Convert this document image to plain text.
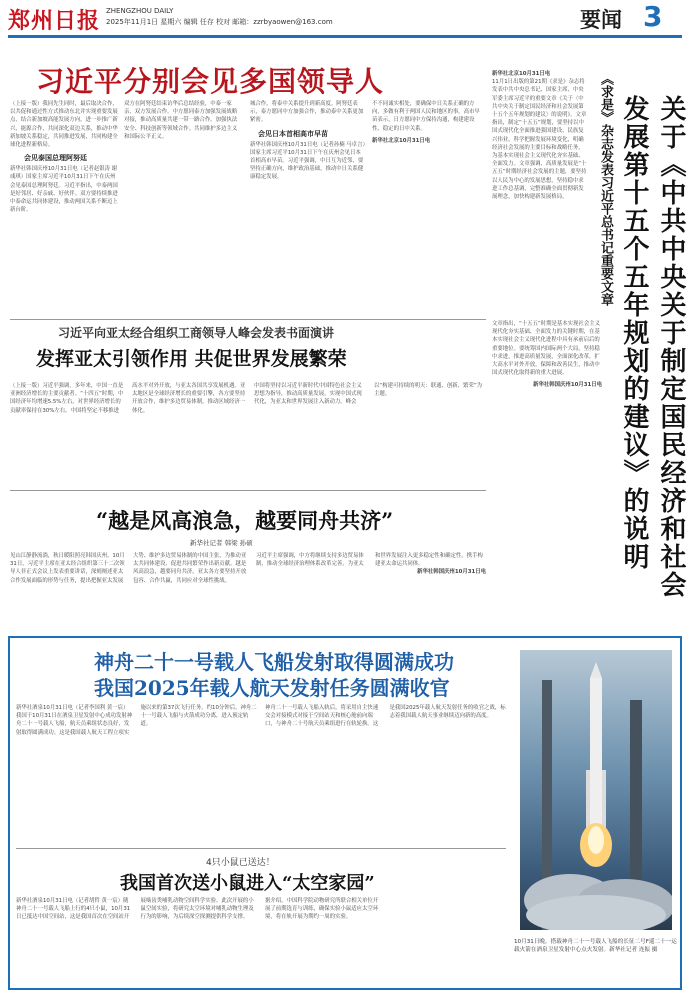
郑州日报 ZHENGZHOU DAILY
2025年11月1日 星期六 编辑 任存 校对 邮箱：zzrbyaowen@163.com	要闻 3
习近平分别会见多国领导人
（上接一版）我同先生同时，最后取决合作，以共促和通过性方式推动东北并实现重要发展点，结合新加坡高能发展方向，进一步推广新兴、能源合作，共同深化双边关系，推动中华新加坡关系稳定，共同推进发展，共同构建全球化进程新格局。
会见泰国总理阿努廷
新华社韩国庆州10月31日电（记者赵银涛 谢彧琪）国家主席习近平10月31日下午在庆州会见泰国总理阿努廷。习近平指出，中泰两国是好邻居、好亲戚、好伙伴。双方要持续推进中泰命运共同体建设，推动两国关系不断迈上新台阶。
双方在阿努廷结束访华后总结经验，中泰一家亲，双方发展合作。中方愿同泰方加强发展战略对接，推动高质量共建一带一路合作。加强执法安全、科技创新等领域合作。共同维护多边主义和国际公平正义。
城合作，将泰中关系提升到新高度。阿努廷表示，泰方愿同中方加强合作，推动泰中关系更加紧密。
会见日本首相高市早苗
新华社韩国庆州10月31日电（记者孙楠 马卓言）国家主席习近平10月31日下午在庆州会见日本首相高市早苗。习近平强调，中日互为近邻，要坚持正确方向，维护政治基础，推动中日关系健康稳定发展。
不不同诚实相处，要确保中日关系正确的方向，多做有利于两国人民和地区的事。高市早苗表示，日方愿同中方保持沟通，构建建设性、稳定的日中关系。
新华社北京10月31日电
新华社北京10月31日电
11月1日出版的第21期《求是》杂志将发表中共中央总书记、国家主席、中央军委主席习近平的重要文章《关于〈中共中央关于制定国民经济和社会发展第十五个五年规划的建议〉的说明》。文章指出，制定“十五五”规划，要坚持以中国式现代化全面推进强国建设、民族复兴伟业，科学把握发展环境变化，明确经济社会发展的主要目标和战略任务，为基本实现社会主义现代化夯实基础、全面发力。文章强调，高质量发展是“十五五”时期经济社会发展的主题，要坚持以人民为中心的发展思想，坚持稳中求进工作总基调，完整准确全面贯彻新发展理念，加快构建新发展格局。	《求是》杂志发表习近平总书记重要文章	关于《中共中央关于制定国民经济和社会发展第十五个五年规划的建议》的说明
文章指出，“十五五”时期是基本实现社会主义现代化夯实基础、全面发力的关键时期，在基本实现社会主义现代化进程中具有承前启后的重要地位。要统筹国内国际两个大局，坚持稳中求进，推进高质量发展，全面深化改革，扩大高水平对外开放，保障和改善民生，推动中国式现代化取得新的重大进展。
新华社韩国庆州10月31日电
习近平向亚太经合组织工商领导人峰会发表书面演讲
发挥亚太引领作用 共促世界发展繁荣
（上接一版）习近平强调，多年来，中国一直是亚洲经济增长的主要贡献者。“十四五”时期，中国经济年均增速5.5%左右，对世界经济增长的贡献率保持在30%左右。中国将坚定不移推进高水平对外开放，与亚太各国共享发展机遇。亚太地区是全球经济增长的重要引擎，各方要坚持开放合作，维护多边贸易体制，推动区域经济一体化。
中国将坚持以习近平新时代中国特色社会主义思想为指导，推动高质量发展，实现中国式现代化，为亚太和世界发展注入新动力。峰会以“构建可持续的明天：联通、创新、繁荣”为主题。
“越是风高浪急，越要同舟共济”
新华社记者 韩梁 孙硕
见山江静静流淌，秋日暖阳照亮韩国庆州。10月31日，习近平主席在亚太经合组织第三十二次领导人非正式会议上发表重要讲话，深刻阐述亚太合作发展面临的形势与任务，提出把握亚太发展大势、维护多边贸易体制的中国主张，为推动亚太共同体建设、促进共同繁荣作出新贡献。越是风高浪急，越要同舟共济。亚太各方要坚持开放包容、合作共赢，共同应对全球性挑战。
习近平主席强调，中方将继续支持多边贸易体制，推动全球经济治理体系改革完善，为亚太和世界发展注入更多稳定性和确定性，携手构建亚太命运共同体。
新华社韩国庆州10月31日电
神舟二十一号载人飞船发射取得圆满成功
我国2025年载人航天发射任务圆满收官
新华社酒泉10月31日电（记者李国利 黄一宸）我国于10月31日在酒泉卫星发射中心成功发射神舟二十一号载人飞船，航天员乘组状态良好，发射取得圆满成功。这是我国载人航天工程立项实施以来的第37次飞行任务。约10分钟后，神舟二十一号载人飞船与火箭成功分离，进入预定轨道。
神舟二十一号载人飞船入轨后，将采用自主快速交会对接模式对接于空间站天和核心舱前向端口，与神舟二十号航天员乘组进行在轨轮换。这是我国2025年载人航天发射任务的收官之战，标志着我国载人航天事业继续迈向新的高度。
4只小鼠已送达！
我国首次送小鼠进入“太空家园”
新华社酒泉10月31日电（记者胡哲 黄一宸）随神舟二十一号载人飞船上行的4只小鼠，10月31日已抵达中国空间站，这是我国首次在空间站开展啮齿类哺乳动物空间科学实验。此次开展的小鼠空间实验，将研究太空环境对哺乳动物生理及行为的影响，为后续深空探测提供科学支撑。
据介绍，中国科学院动物研究所联合相关单位开展了前期选育与训练，确保实验小鼠适应太空环境，将在轨开展为期约一周的实验。
10月31日晚，搭载神舟二十一号载人飞船的长征二号F遥二十一运载火箭在酒泉卫星发射中心点火发射。新华社记者 连振 摄
